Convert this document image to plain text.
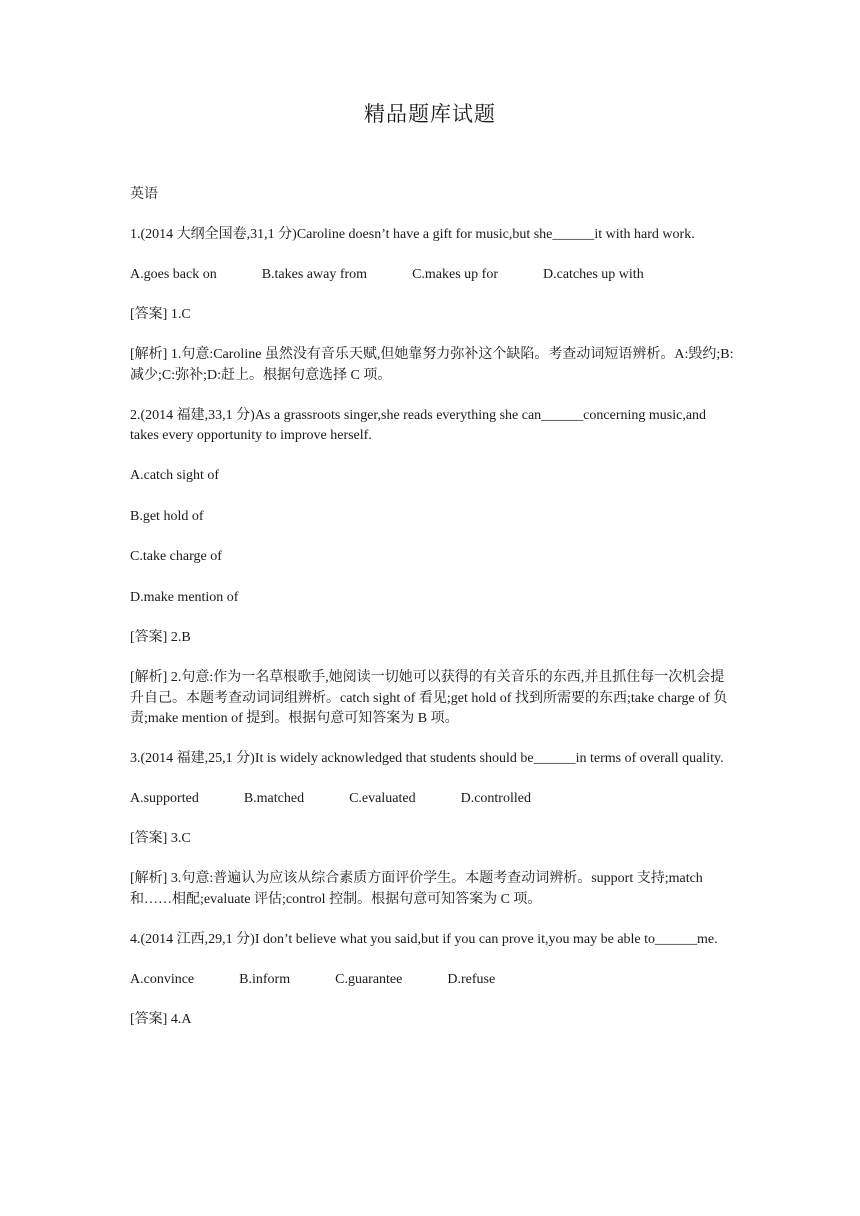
精品题库试题

英语

1.(2014 大纲全国卷,31,1 分)Caroline doesn’t have a gift for music,but she______it with hard work.

A.goes back on	B.takes away from	C.makes up for	D.catches up with

[答案] 1.C

[解析] 1.句意:Caroline 虽然没有音乐天赋,但她靠努力弥补这个缺陷。考查动词短语辨析。A:毁约;B:减少;C:弥补;D:赶上。根据句意选择 C 项。

2.(2014 福建,33,1 分)As a grassroots singer,she reads everything she can______concerning music,and takes every opportunity to improve herself.

A.catch sight of

B.get hold of

C.take charge of

D.make mention of

[答案] 2.B

[解析] 2.句意:作为一名草根歌手,她阅读一切她可以获得的有关音乐的东西,并且抓住每一次机会提升自己。本题考查动词词组辨析。catch sight of 看见;get hold of 找到所需要的东西;take charge of 负责;make mention of 提到。根据句意可知答案为 B 项。

3.(2014 福建,25,1 分)It is widely acknowledged that students should be______in terms of overall quality.

A.supported	B.matched	C.evaluated	D.controlled

[答案] 3.C

[解析] 3.句意:普遍认为应该从综合素质方面评价学生。本题考查动词辨析。support 支持;match 和……相配;evaluate 评估;control 控制。根据句意可知答案为 C 项。

4.(2014 江西,29,1 分)I don’t believe what you said,but if you can prove it,you may be able to______me.

A.convince	B.inform	C.guarantee	D.refuse

[答案] 4.A
